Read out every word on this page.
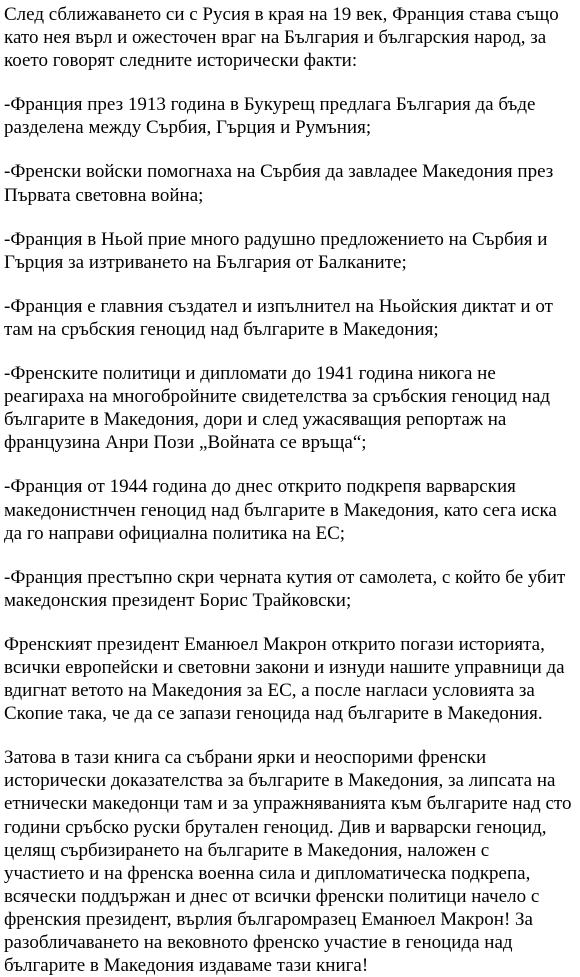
След сближаването си с Русия в края на 19 век, Франция става също
като нея върл и ожесточен враг на България и българския народ, за
което говорят следните исторически факти:
-Франция през 1913 година в Букурещ предлага България да бъде
разделена между Сърбия, Гърция и Румъния;
-Френски войски помогнаха на Сърбия да завладее Македония през
Първата световна война;
-Франция в Ньой прие много радушно предложението на Сърбия и
Гърция за изтриването на България от Балканите;
-Франция е главния създател и изпълнител на Ньойския диктат и от
там на сръбския геноцид над българите в Македония;
-Френските политици и дипломати до 1941 година никога не
реагираха на многобройните свидетелства за сръбския геноцид над
българите в Македония, дори и след ужасяващия репортаж на
французина Анри Пози „Войната се връща“;
-Франция от 1944 година до днес открито подкрепя варварския
македонистнчен геноцид над българите в Македония, като сега иска
да го направи официална политика на ЕС;
-Франция престъпно скри черната кутия от самолета, с който бе убит
македонския президент Борис Трайковски;
Френският президент Еманюел Макрон открито погази историята,
всички европейски и световни закони и изнуди нашите управници да
вдигнат ветото на Македония за ЕС, а после нагласи условията за
Скопие така, че да се запази геноцида над българите в Македония.
Затова в тази книга са събрани ярки и неоспорими френски
исторически доказателства за българите в Македония, за липсата на
етнически македонци там и за упражняванията към българите над сто
години сръбско руски брутален геноцид. Див и варварски геноцид,
целящ сърбизирането на българите в Македония, наложен с
участието и на френска военна сила и дипломатическа подкрепа,
всячески поддържан и днес от всички френски политици начело с
френския президент, върлия българомразец Еманюел Макрон! За
разобличаването на вековното френско участие в геноцида над
българите в Македония издаваме тази книга!
